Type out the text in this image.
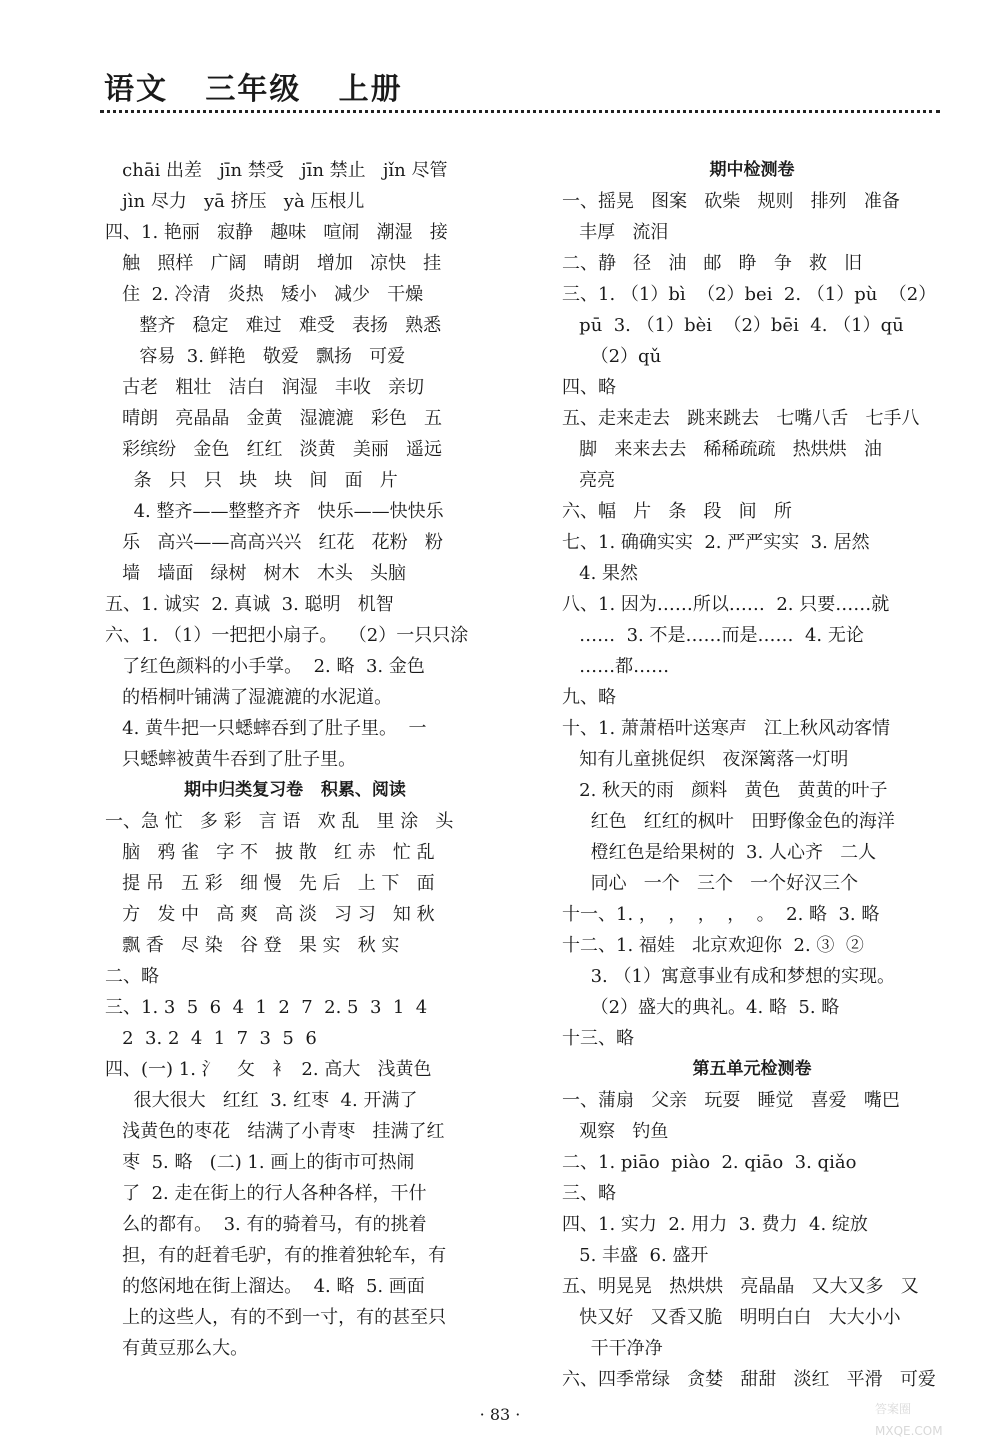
语文   三年级   上册
chāi 出差   jīn 禁受   jīn 禁止   jǐn 尽管
jìn 尽力   yā 挤压   yà 压根儿
四、1. 艳丽   寂静   趣味   喧闹   潮湿   接
触   照样   广阔   晴朗   增加   凉快   挂
住  2. 冷清   炎热   矮小   减少   干燥
整齐   稳定   难过   难受   表扬   熟悉
容易  3. 鲜艳   敬爱   飘扬   可爱
古老   粗壮   洁白   润湿   丰收   亲切
晴朗   亮晶晶   金黄   湿漉漉   彩色   五
彩缤纷   金色   红红   淡黄   美丽   遥远
条   只   只   块   块   间   面   片
4. 整齐——整整齐齐   快乐——快快乐
乐   高兴——高高兴兴   红花   花粉   粉
墙   墙面   绿树   树木   木头   头脑
五、1. 诚实  2. 真诚  3. 聪明   机智
六、1. （1）一把把小扇子。  （2）一只只涂
了红色颜料的小手掌。  2. 略  3. 金色
的梧桐叶铺满了湿漉漉的水泥道。
4. 黄牛把一只蟋蟀吞到了肚子里。  一
只蟋蟀被黄牛吞到了肚子里。
期中归类复习卷   积累、阅读
一、急 忙   多 彩   言 语   欢 乱   里 涂   头
脑   鸦 雀   字 不   披 散   红 赤   忙 乱
提 吊   五 彩   细 慢   先 后   上 下   面
方   发 中   高 爽   高 淡   习 习   知 秋
飘 香   尽 染   谷 登   果 实   秋 实
二、略
三、1. 3  5  6  4  1  2  7  2. 5  3  1  4
2  3. 2  4  1  7  3  5  6
四、(一) 1. 氵   攵   衤  2. 高大   浅黄色
很大很大   红红  3. 红枣  4. 开满了
浅黄色的枣花   结满了小青枣   挂满了红
枣  5. 略   (二) 1. 画上的街市可热闹
了  2. 走在街上的行人各种各样，干什
么的都有。  3. 有的骑着马，有的挑着
担，有的赶着毛驴，有的推着独轮车，有
的悠闲地在街上溜达。  4. 略  5. 画面
上的这些人，有的不到一寸，有的甚至只
有黄豆那么大。
期中检测卷
一、摇晃   图案   砍柴   规则   排列   准备
丰厚   流泪
二、静   径   油   邮   睁   争   救   旧
三、1. （1）bì  （2）bei  2. （1）pù  （2）
pū  3. （1）bèi  （2）bēi  4. （1）qū
（2）qǔ
四、略
五、走来走去   跳来跳去   七嘴八舌   七手八
脚   来来去去   稀稀疏疏   热烘烘   油
亮亮
六、幅   片   条   段   间   所
七、1. 确确实实  2. 严严实实  3. 居然
4. 果然
八、1. 因为……所以……  2. 只要……就
……  3. 不是……而是……  4. 无论
……都……
九、略
十、1. 萧萧梧叶送寒声   江上秋风动客情
知有儿童挑促织   夜深篱落一灯明
2. 秋天的雨   颜料   黄色   黄黄的叶子
红色   红红的枫叶   田野像金色的海洋
橙红色是给果树的  3. 人心齐   二人
同心   一个   三个   一个好汉三个
十一、1. ，  ，  ，  ，  。  2. 略  3. 略
十二、1. 福娃   北京欢迎你  2. ③  ②
3. （1）寓意事业有成和梦想的实现。
（2）盛大的典礼。4. 略  5. 略
十三、略
第五单元检测卷
一、蒲扇   父亲   玩耍   睡觉   喜爱   嘴巴
观察   钓鱼
二、1. piāo  piào  2. qiāo  3. qiǎo
三、略
四、1. 实力  2. 用力  3. 费力  4. 绽放
5. 丰盛  6. 盛开
五、明晃晃   热烘烘   亮晶晶   又大又多   又
快又好   又香又脆   明明白白   大大小小
干干净净
六、四季常绿   贪婪   甜甜   淡红   平滑   可爱
· 83 ·	答案圈
MXQE.COM
